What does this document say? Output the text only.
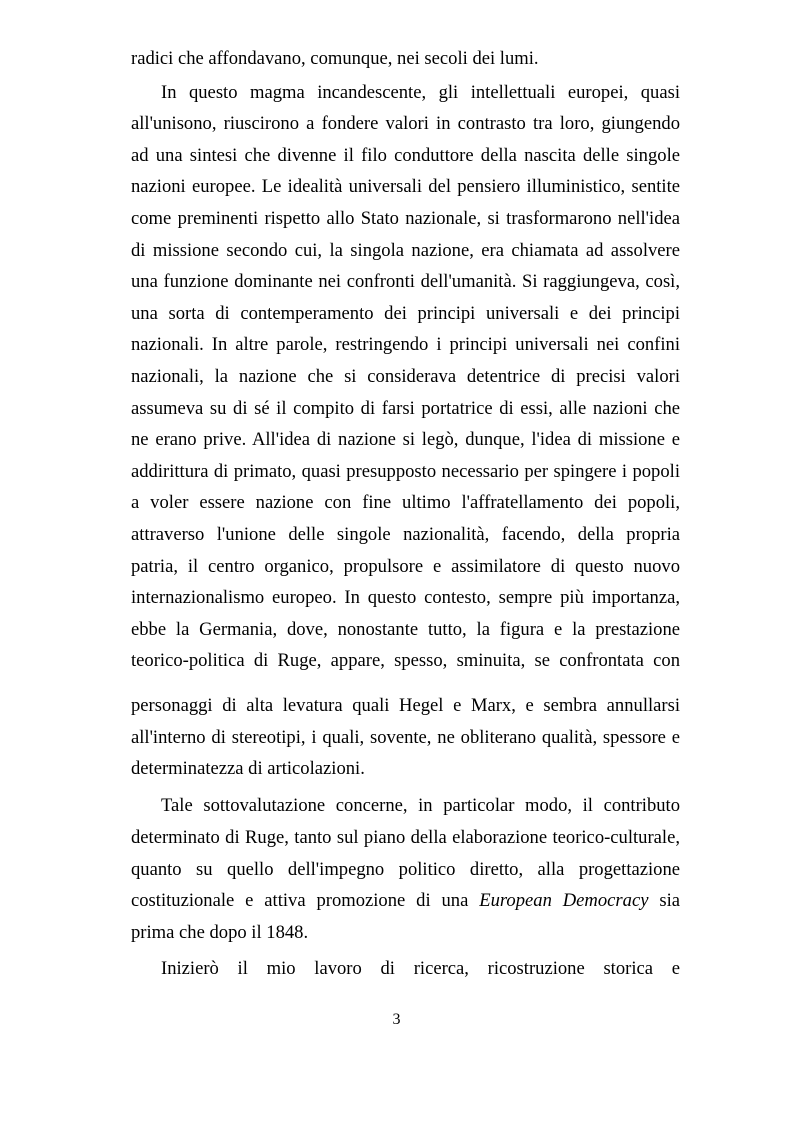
radici che affondavano, comunque, nei secoli dei lumi.
In questo magma incandescente, gli intellettuali europei, quasi
all'unisono, riuscirono a fondere valori in contrasto tra loro, giungendo
ad una sintesi che divenne il filo conduttore della nascita delle singole
nazioni europee. Le idealità universali del pensiero illuministico, sentite
come preminenti rispetto allo Stato nazionale, si trasformarono nell'idea
di missione secondo cui, la singola nazione, era chiamata ad assolvere
una funzione dominante nei confronti dell'umanità. Si raggiungeva, così,
una sorta di contemperamento dei principi universali e dei principi
nazionali. In altre parole, restringendo i principi universali nei confini
nazionali, la nazione che si considerava detentrice di precisi valori
assumeva su di sé il compito di farsi portatrice di essi, alle nazioni che
ne erano prive. All'idea di nazione si legò, dunque, l'idea di missione e
addirittura di primato, quasi presupposto necessario per spingere i popoli
a voler essere nazione con fine ultimo l'affratellamento dei popoli,
attraverso l'unione delle singole nazionalità, facendo, della propria
patria, il centro organico, propulsore e assimilatore di questo nuovo
internazionalismo europeo. In questo contesto, sempre più importanza,
ebbe la Germania, dove, nonostante tutto, la figura e la prestazione
teorico-politica di Ruge, appare, spesso, sminuita, se confrontata con
personaggi di alta levatura quali Hegel e Marx, e sembra annullarsi
all'interno di stereotipi, i quali, sovente, ne obliterano qualità, spessore e
determinatezza di articolazioni.
Tale sottovalutazione concerne, in particolar modo, il contributo
determinato di Ruge, tanto sul piano della elaborazione teorico-culturale,
quanto su quello dell'impegno politico diretto, alla progettazione
costituzionale e attiva promozione di una European Democracy sia
prima che dopo il 1848.
Inizierò il mio lavoro di ricerca, ricostruzione storica e
3
